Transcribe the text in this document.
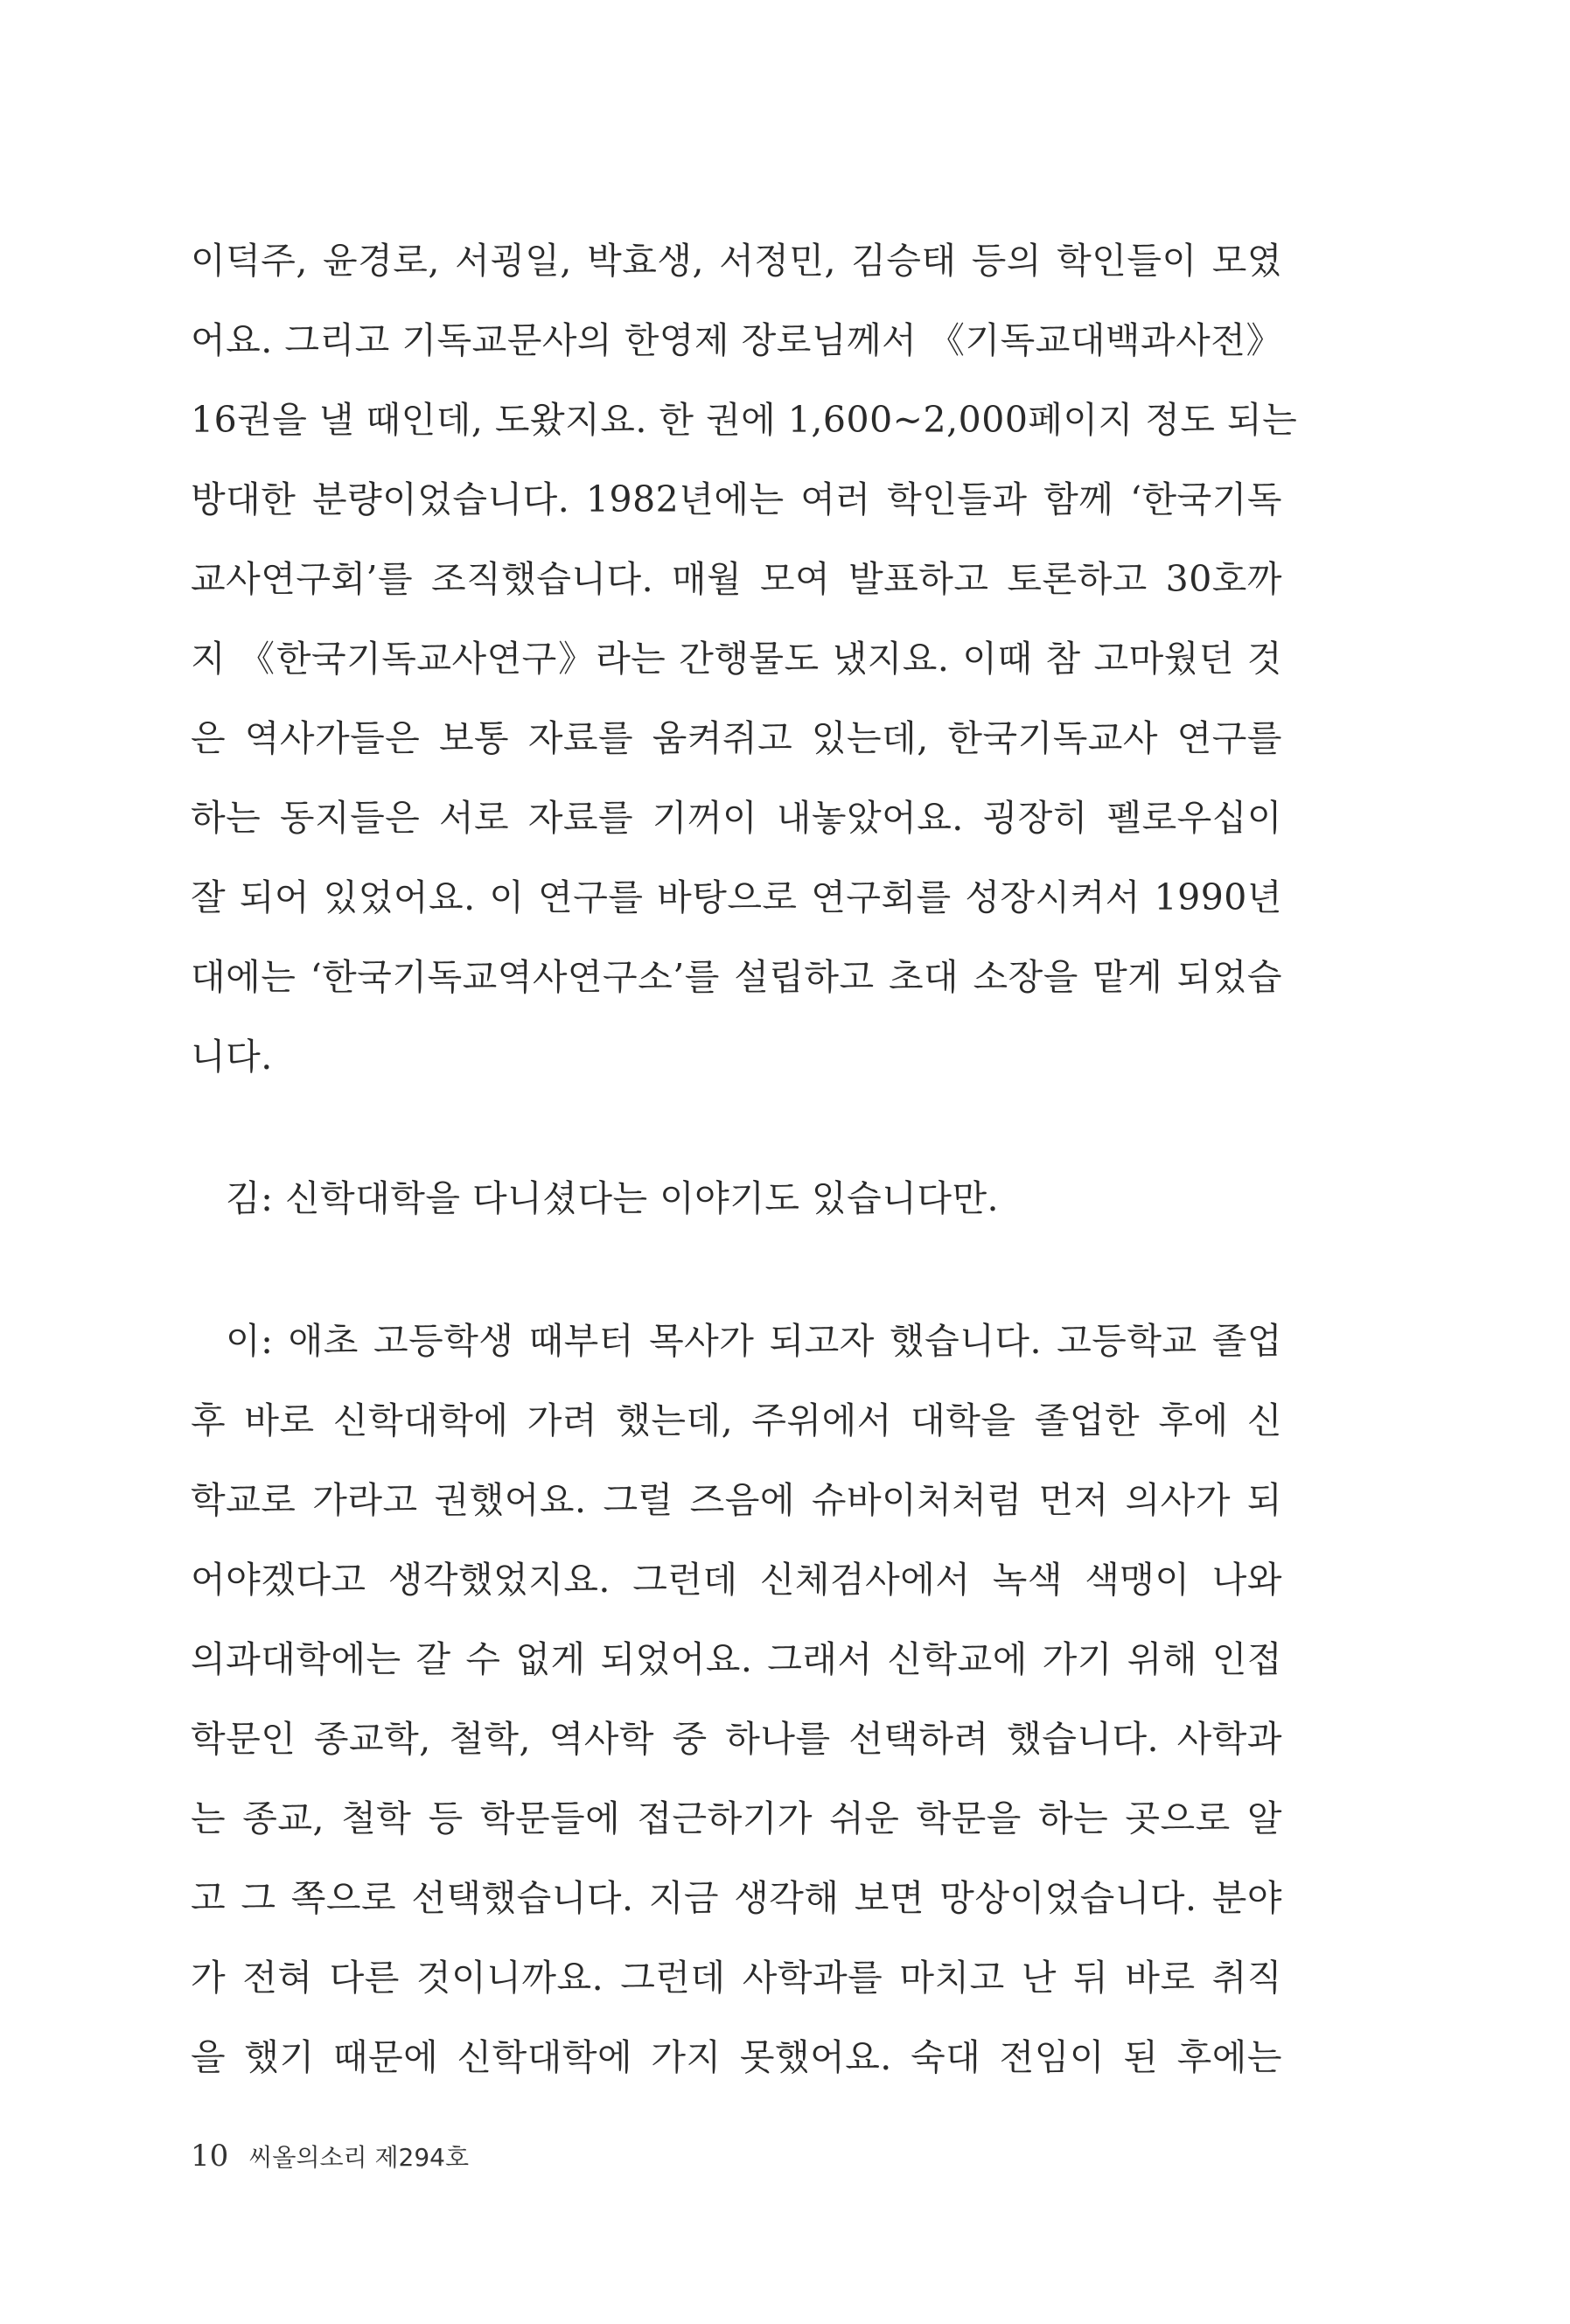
이덕주, 윤경로, 서굉일, 박효생, 서정민, 김승태 등의 학인들이 모였
어요. 그리고 기독교문사의 한영제 장로님께서 《기독교대백과사전》
16권을 낼 때인데, 도왔지요. 한 권에 1,600~2,000페이지 정도 되는
방대한 분량이었습니다. 1982년에는 여러 학인들과 함께 ‘한국기독
교사연구회’를 조직했습니다. 매월 모여 발표하고 토론하고 30호까
지 《한국기독교사연구》라는 간행물도 냈지요. 이때 참 고마웠던 것
은 역사가들은 보통 자료를 움켜쥐고 있는데, 한국기독교사 연구를
하는 동지들은 서로 자료를 기꺼이 내놓았어요. 굉장히 펠로우십이
잘 되어 있었어요. 이 연구를 바탕으로 연구회를 성장시켜서 1990년
대에는 ‘한국기독교역사연구소’를 설립하고 초대 소장을 맡게 되었습
니다.
김: 신학대학을 다니셨다는 이야기도 있습니다만.
이: 애초 고등학생 때부터 목사가 되고자 했습니다. 고등학교 졸업
후 바로 신학대학에 가려 했는데, 주위에서 대학을 졸업한 후에 신
학교로 가라고 권했어요. 그럴 즈음에 슈바이처처럼 먼저 의사가 되
어야겠다고 생각했었지요. 그런데 신체검사에서 녹색 색맹이 나와
의과대학에는 갈 수 없게 되었어요. 그래서 신학교에 가기 위해 인접
학문인 종교학, 철학, 역사학 중 하나를 선택하려 했습니다. 사학과
는 종교, 철학 등 학문들에 접근하기가 쉬운 학문을 하는 곳으로 알
고 그 쪽으로 선택했습니다. 지금 생각해 보면 망상이었습니다. 분야
가 전혀 다른 것이니까요. 그런데 사학과를 마치고 난 뒤 바로 취직
을 했기 때문에 신학대학에 가지 못했어요. 숙대 전임이 된 후에는
10 씨올의소리 제294호
